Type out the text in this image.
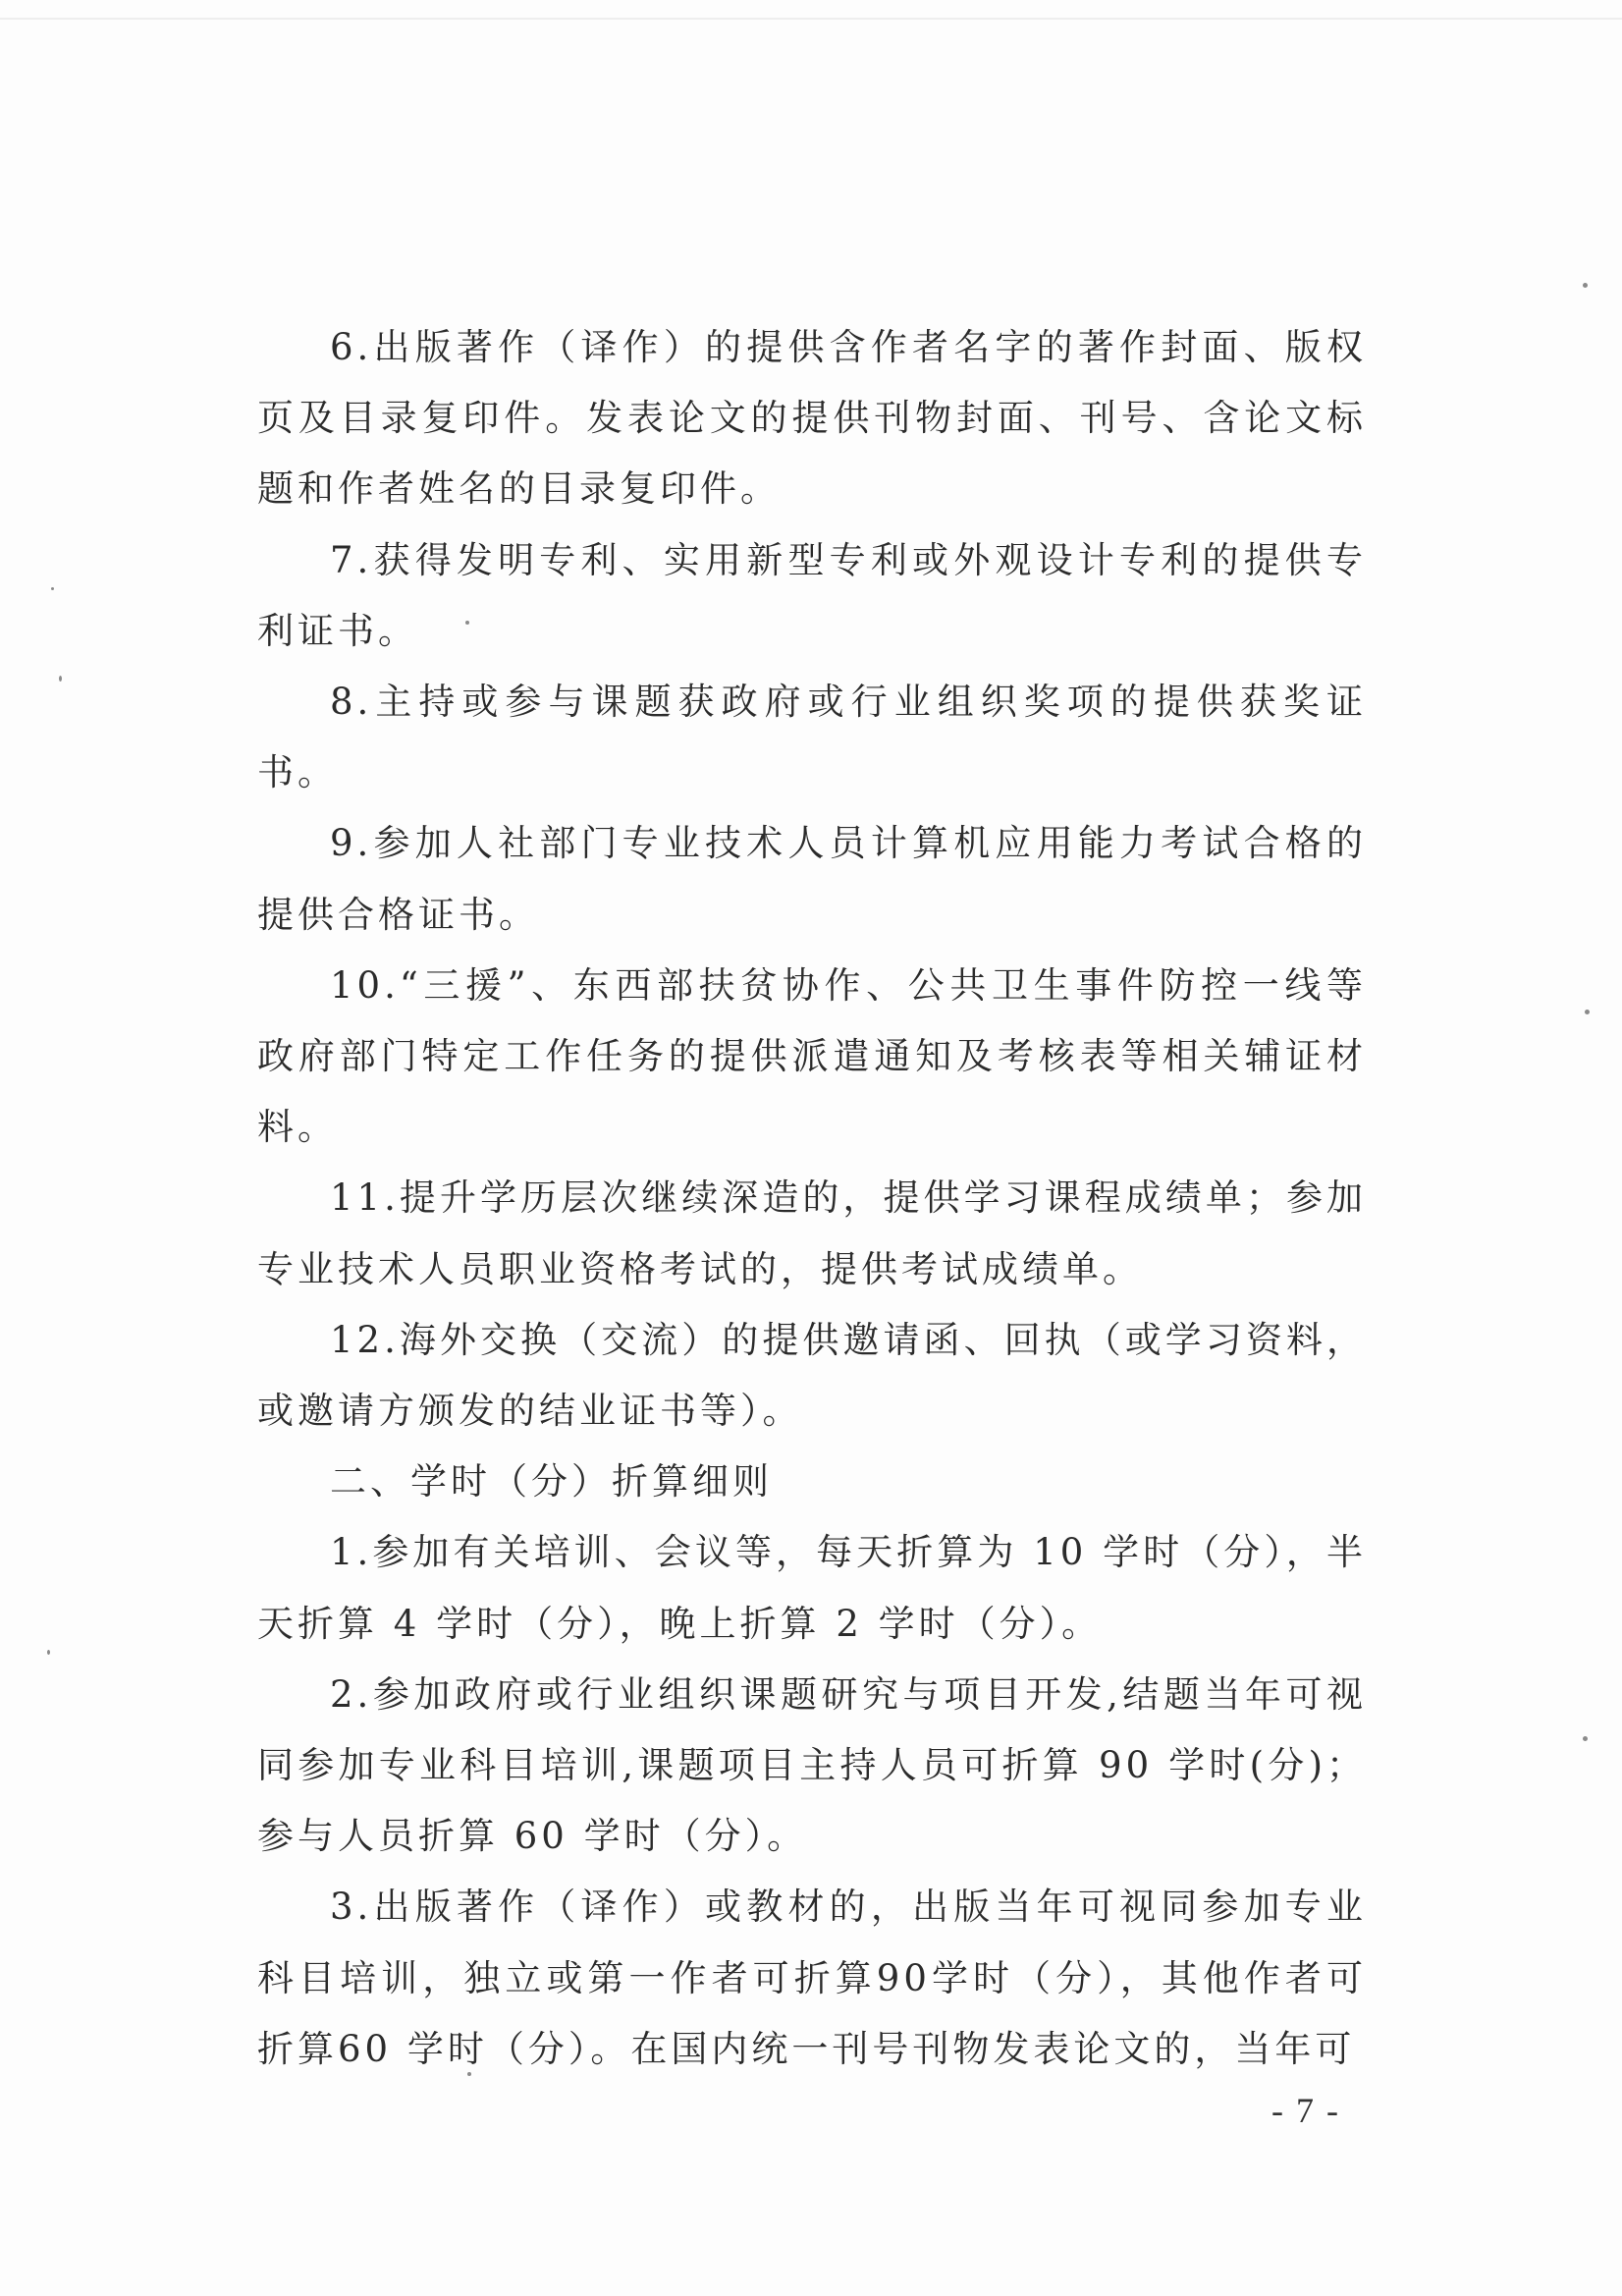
6.出版著作（译作）的提供含作者名字的著作封面、版权页及目录复印件。发表论文的提供刊物封面、刊号、含论文标题和作者姓名的目录复印件。

7.获得发明专利、实用新型专利或外观设计专利的提供专利证书。

8.主持或参与课题获政府或行业组织奖项的提供获奖证书。

9.参加人社部门专业技术人员计算机应用能力考试合格的提供合格证书。

10.“三援”、东西部扶贫协作、公共卫生事件防控一线等政府部门特定工作任务的提供派遣通知及考核表等相关辅证材料。

11.提升学历层次继续深造的，提供学习课程成绩单；参加专业技术人员职业资格考试的，提供考试成绩单。

12.海外交换（交流）的提供邀请函、回执（或学习资料，或邀请方颁发的结业证书等）。

二、学时（分）折算细则

1.参加有关培训、会议等，每天折算为 10 学时（分），半天折算 4 学时（分），晚上折算 2 学时（分）。

2.参加政府或行业组织课题研究与项目开发,结题当年可视同参加专业科目培训,课题项目主持人员可折算 90 学时(分)；参与人员折算 60 学时（分）。

3.出版著作（译作）或教材的，出版当年可视同参加专业科目培训，独立或第一作者可折算90学时（分），其他作者可折算60 学时（分）。在国内统一刊号刊物发表论文的，当年可

- 7 -
